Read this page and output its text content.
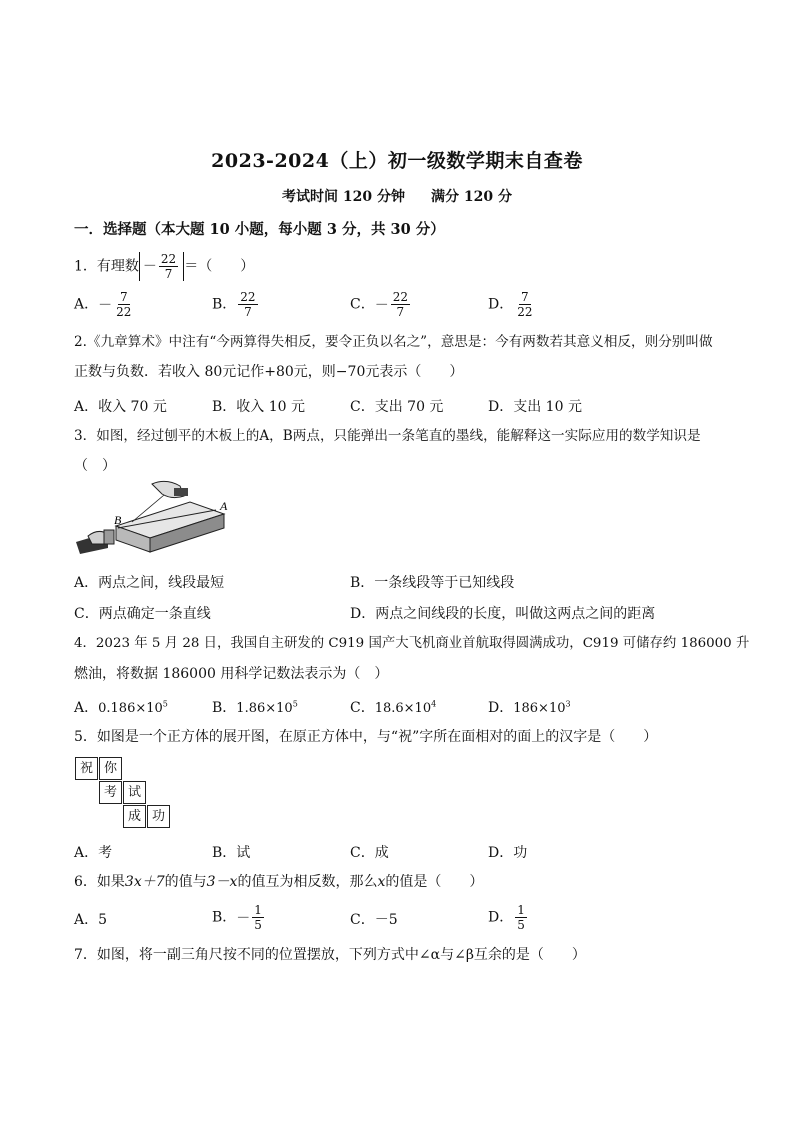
2023-2024（上）初一级数学期末自查卷
考试时间 120 分钟 满分 120 分
一．选择题（本大题 10 小题，每小题 3 分，共 30 分）
1．有理数 － $\frac{22}{7}$ ＝（　　）
A．－ $\frac{7}{22}$	B． $\frac{22}{7}$	C．－ $\frac{22}{7}$	D． $\frac{7}{22}$
2.《九章算术》中注有“今两算得失相反，要令正负以名之”，意思是：今有两数若其意义相反，则分别叫做
正数与负数．若收入 80元记作+80元，则−70元表示（　　）
A．收入 70 元	B．收入 10 元	C．支出 70 元	D．支出 10 元
3．如图，经过刨平的木板上的A，B两点，只能弹出一条笔直的墨线，能解释这一实际应用的数学知识是
（　）
B
A
A．两点之间，线段最短	B．一条线段等于已知线段
C．两点确定一条直线	D．两点之间线段的长度，叫做这两点之间的距离
4．2023 年 5 月 28 日，我国自主研发的 C919 国产大飞机商业首航取得圆满成功，C919 可储存约 186000 升
燃油，将数据 186000 用科学记数法表示为（　）
A．$0.186\times 10^5$	B．$1.86\times 10^5$	C．$18.6\times 10^4$	D．$186\times 10^3$
5．如图是一个正方体的展开图，在原正方体中，与“祝”字所在面相对的面上的汉字是（　　）
祝 你
考 试
成 功
A．考	B．试	C．成	D．功
6．如果3x＋7的值与3－x的值互为相反数，那么x的值是（　　）
A．5	B．－ $\frac{1}{5}$	C．－5	D． $\frac{1}{5}$
7．如图，将一副三角尺按不同的位置摆放，下列方式中∠α与∠β互余的是（　　）
